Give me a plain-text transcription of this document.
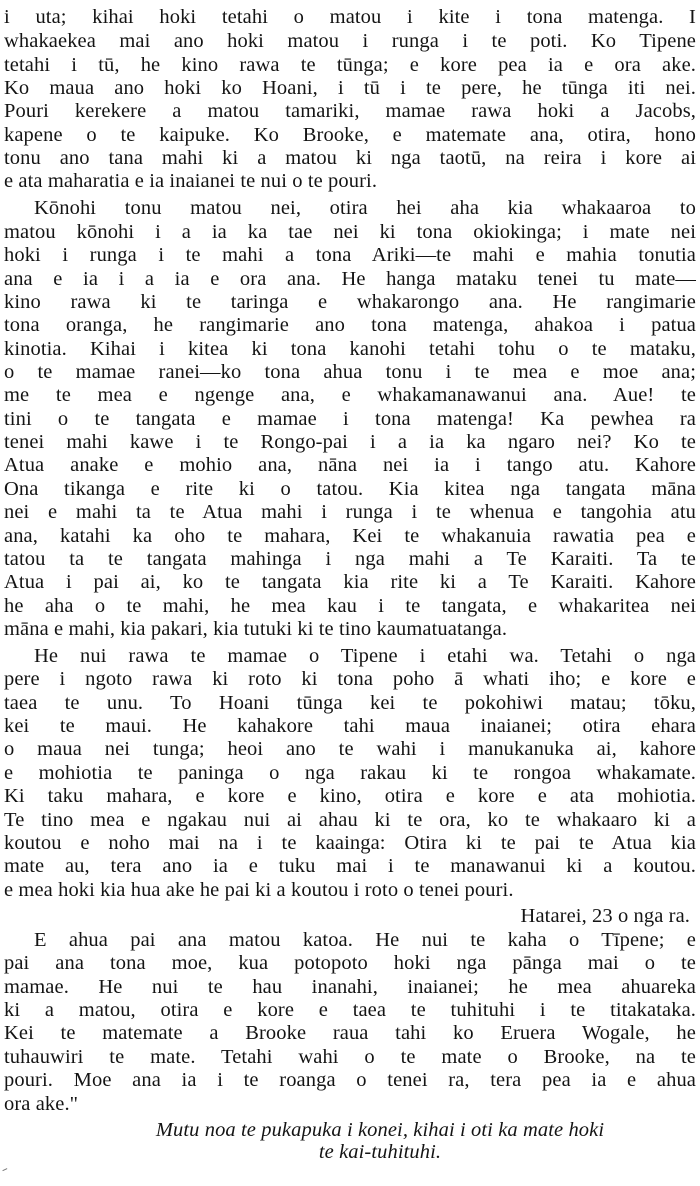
i uta; kihai hoki tetahi o matou i kite i tona matenga. I
whakaekea mai ano hoki matou i runga i te poti. Ko Tipene
tetahi i tū, he kino rawa te tūnga; e kore pea ia e ora ake.
Ko maua ano hoki ko Hoani, i tū i te pere, he tūnga iti nei.
Pouri kerekere a matou tamariki, mamae rawa hoki a Jacobs,
kapene o te kaipuke. Ko Brooke, e matemate ana, otira, hono
tonu ano tana mahi ki a matou ki nga taotū, na reira i kore ai
e ata maharatia e ia inaianei te nui o te pouri.
Kōnohi tonu matou nei, otira hei aha kia whakaaroa to
matou kōnohi i a ia ka tae nei ki tona okiokinga; i mate nei
hoki i runga i te mahi a tona Ariki—te mahi e mahia tonutia
ana e ia i a ia e ora ana. He hanga mataku tenei tu mate—
kino rawa ki te taringa e whakarongo ana. He rangimarie
tona oranga, he rangimarie ano tona matenga, ahakoa i patua
kinotia. Kihai i kitea ki tona kanohi tetahi tohu o te mataku,
o te mamae ranei—ko tona ahua tonu i te mea e moe ana;
me te mea e ngenge ana, e whakamanawanui ana. Aue! te
tini o te tangata e mamae i tona matenga! Ka pewhea ra
tenei mahi kawe i te Rongo-pai i a ia ka ngaro nei? Ko te
Atua anake e mohio ana, nāna nei ia i tango atu. Kahore
Ona tikanga e rite ki o tatou. Kia kitea nga tangata māna
nei e mahi ta te Atua mahi i runga i te whenua e tangohia atu
ana, katahi ka oho te mahara, Kei te whakanuia rawatia pea e
tatou ta te tangata mahinga i nga mahi a Te Karaiti. Ta te
Atua i pai ai, ko te tangata kia rite ki a Te Karaiti. Kahore
he aha o te mahi, he mea kau i te tangata, e whakaritea nei
māna e mahi, kia pakari, kia tutuki ki te tino kaumatuatanga.
He nui rawa te mamae o Tipene i etahi wa. Tetahi o nga
pere i ngoto rawa ki roto ki tona poho ā whati iho; e kore e
taea te unu. To Hoani tūnga kei te pokohiwi matau; tōku,
kei te maui. He kahakore tahi maua inaianei; otira ehara
o maua nei tunga; heoi ano te wahi i manukanuka ai, kahore
e mohiotia te paninga o nga rakau ki te rongoa whakamate.
Ki taku mahara, e kore e kino, otira e kore e ata mohiotia.
Te tino mea e ngakau nui ai ahau ki te ora, ko te whakaaro ki a
koutou e noho mai na i te kaainga: Otira ki te pai te Atua kia
mate au, tera ano ia e tuku mai i te manawanui ki a koutou.
e mea hoki kia hua ake he pai ki a koutou i roto o tenei pouri.
Hatarei, 23 o nga ra.
E ahua pai ana matou katoa. He nui te kaha o Tīpene; e
pai ana tona moe, kua potopoto hoki nga pānga mai o te
mamae. He nui te hau inanahi, inaianei; he mea ahuareka
ki a matou, otira e kore e taea te tuhituhi i te titakataka.
Kei te matemate a Brooke raua tahi ko Eruera Wogale, he
tuhauwiri te mate. Tetahi wahi o te mate o Brooke, na te
pouri. Moe ana ia i te roanga o tenei ra, tera pea ia e ahua
ora ake."
Mutu noa te pukapuka i konei, kihai i oti ka mate hoki
te kai-tuhituhi.
